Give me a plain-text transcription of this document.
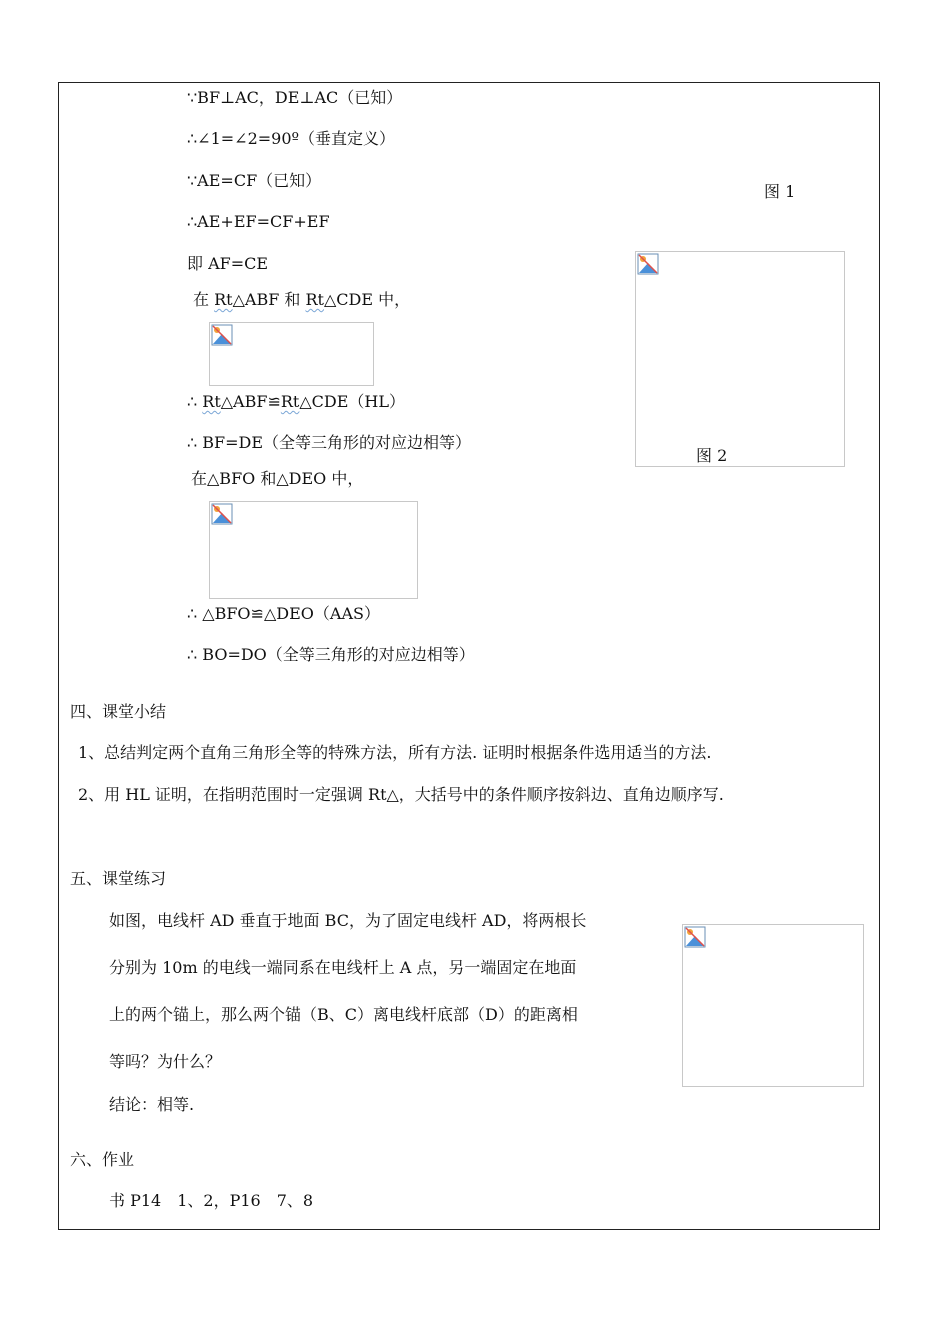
∵BF⊥AC，DE⊥AC（已知）
∴∠1=∠2=90º（垂直定义）
∵AE=CF（已知）
∴AE+EF=CF+EF
即 AF=CE
在 Rt△ABF 和 Rt△CDE 中，
∴ Rt△ABF≌Rt△CDE（HL）
∴ BF=DE（全等三角形的对应边相等）
在△BFO 和△DEO 中，
∴ △BFO≌△DEO（AAS）
∴ BO=DO（全等三角形的对应边相等）
图 1
图 2
四、课堂小结
1、总结判定两个直角三角形全等的特殊方法，所有方法. 证明时根据条件选用适当的方法.
2、用 HL 证明，在指明范围时一定强调 Rt△，大括号中的条件顺序按斜边、直角边顺序写.
五、课堂练习
如图，电线杆 AD 垂直于地面 BC，为了固定电线杆 AD，将两根长
分别为 10m 的电线一端同系在电线杆上 A 点，另一端固定在地面
上的两个锚上，那么两个锚（B、C）离电线杆底部（D）的距离相
等吗？为什么？
结论：相等.
六、作业
书 P14　1、2，P16　7、8
